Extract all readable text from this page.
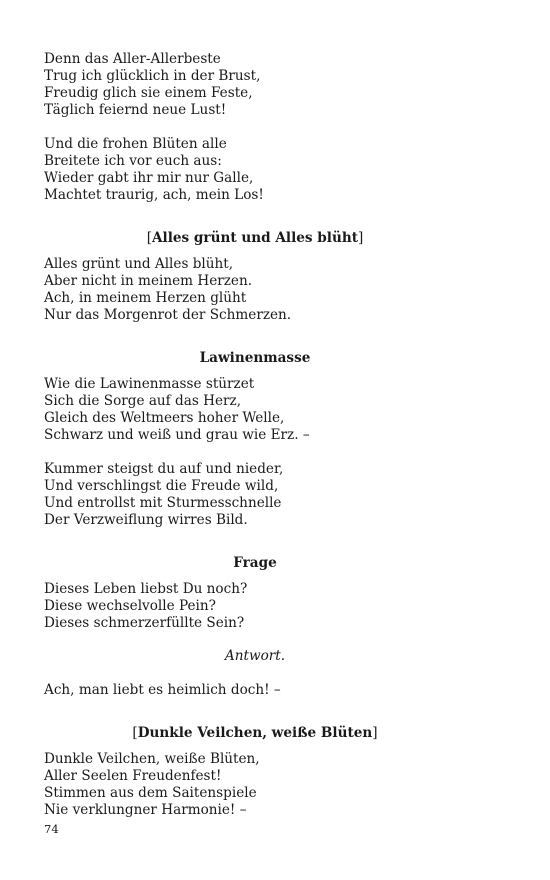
Denn das Aller-Allerbeste
Trug ich glücklich in der Brust,
Freudig glich sie einem Feste,
Täglich feiernd neue Lust!
Und die frohen Blüten alle
Breitete ich vor euch aus:
Wieder gabt ihr mir nur Galle,
Machtet traurig, ach, mein Los!
[Alles grünt und Alles blüht]
Alles grünt und Alles blüht,
Aber nicht in meinem Herzen.
Ach, in meinem Herzen glüht
Nur das Morgenrot der Schmerzen.
Lawinenmasse
Wie die Lawinenmasse stürzet
Sich die Sorge auf das Herz,
Gleich des Weltmeers hoher Welle,
Schwarz und weiß und grau wie Erz. –
Kummer steigst du auf und nieder,
Und verschlingst die Freude wild,
Und entrollst mit Sturmesschnelle
Der Verzweiflung wirres Bild.
Frage
Dieses Leben liebst Du noch?
Diese wechselvolle Pein?
Dieses schmerzerfüllte Sein?
Antwort.
Ach, man liebt es heimlich doch! –
[Dunkle Veilchen, weiße Blüten]
Dunkle Veilchen, weiße Blüten,
Aller Seelen Freudenfest!
Stimmen aus dem Saitenspiele
Nie verklungner Harmonie! –
74
